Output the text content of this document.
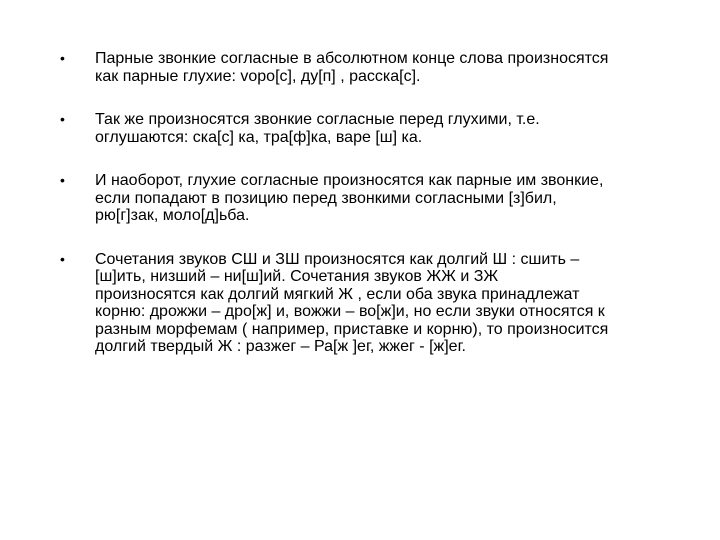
• Парные звонкие согласные в абсолютном конце слова произносятся
как парные глухие: voро[с], ду[п] , расска[с].
• Так же произносятся звонкие согласные перед глухими, т.е.
оглушаются: ска[с] ка, тра[ф]ка, варе [ш] ка.
• И наоборот, глухие согласные произносятся как парные им звонкие,
если попадают в позицию перед звонкими согласными [з]бил,
рю[г]зак, моло[д]ьба.
• Сочетания звуков СШ и ЗШ произносятся как долгий Ш : сшить –
[ш]ить, низший – ни[ш]ий. Сочетания звуков ЖЖ и ЗЖ
произносятся как долгий мягкий Ж , если оба звука принадлежат
корню: дрожжи – дро[ж] и, вожжи – во[ж]и, но если звуки относятся к
разным морфемам ( например, приставке и корню), то произносится
долгий твердый Ж : разжег – Ра[ж ]ег, жжег - [ж]ег.
